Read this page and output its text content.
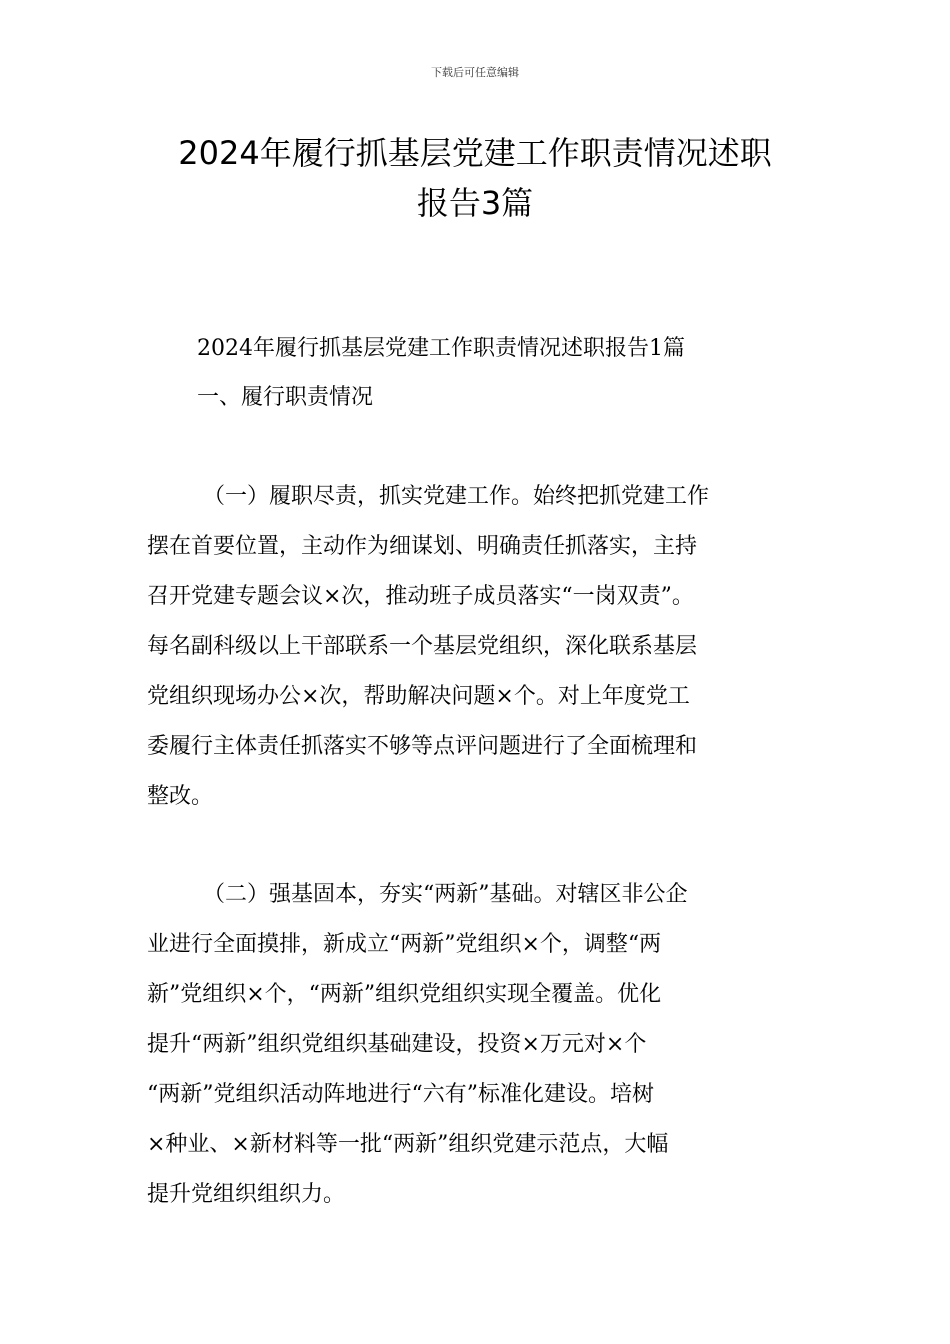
下载后可任意编辑
2024年履行抓基层党建工作职责情况述职
报告3篇
2024年履行抓基层党建工作职责情况述职报告1篇
一、履行职责情况
（一）履职尽责，抓实党建工作。始终把抓党建工作
摆在首要位置，主动作为细谋划、明确责任抓落实，主持
召开党建专题会议×次，推动班子成员落实“一岗双责”。
每名副科级以上干部联系一个基层党组织，深化联系基层
党组织现场办公×次，帮助解决问题×个。对上年度党工
委履行主体责任抓落实不够等点评问题进行了全面梳理和
整改。
（二）强基固本，夯实“两新”基础。对辖区非公企
业进行全面摸排，新成立“两新”党组织×个，调整“两
新”党组织×个，“两新”组织党组织实现全覆盖。优化
提升“两新”组织党组织基础建设，投资×万元对×个
“两新”党组织活动阵地进行“六有”标准化建设。培树
×种业、×新材料等一批“两新”组织党建示范点，大幅
提升党组织组织力。
